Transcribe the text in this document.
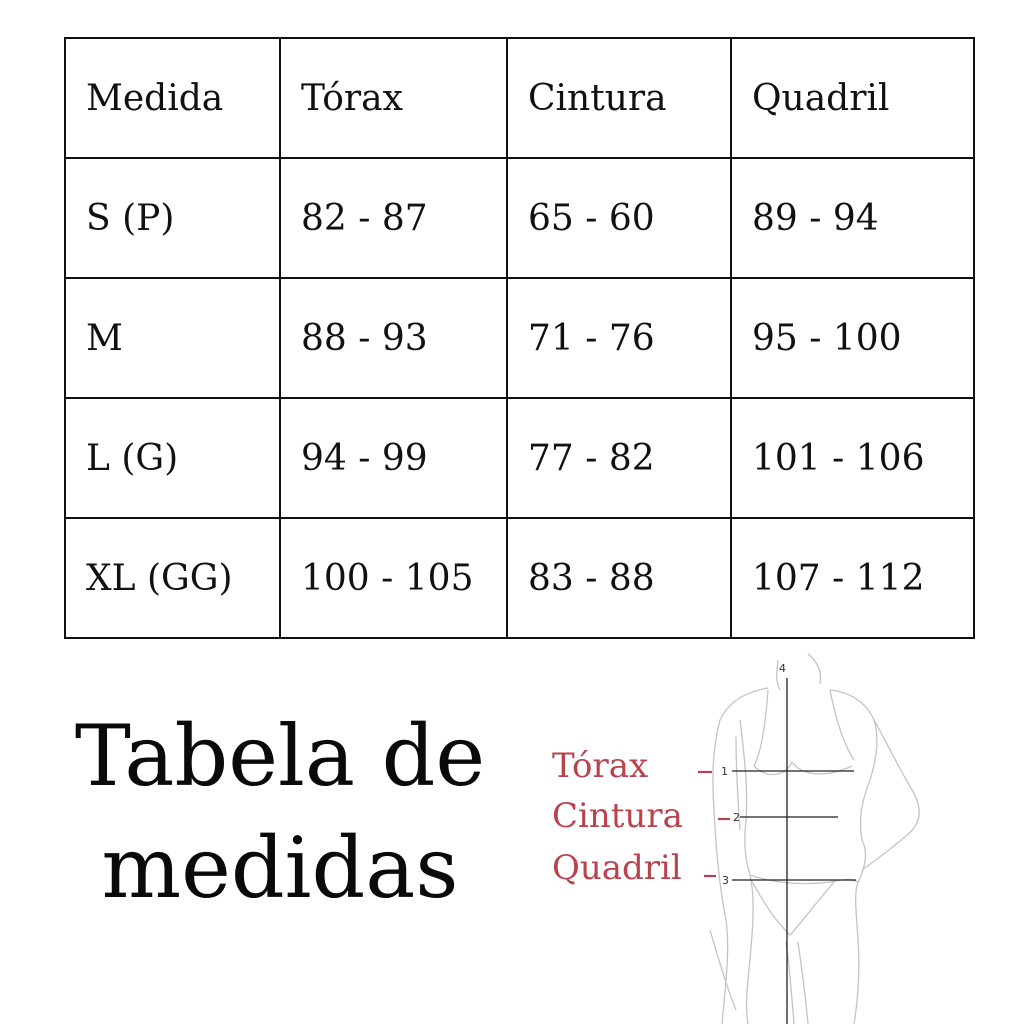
Medida	Tórax	Cintura	Quadril
S (P)	82 - 87	65 - 60	89 - 94
M	88 - 93	71 - 76	95 - 100
L (G)	94 - 99	77 - 82	101 - 106
XL (GG)	100 - 105	83 - 88	107 - 112
Tabela de
medidas
4
1
2
3
Tórax
Cintura
Quadril
